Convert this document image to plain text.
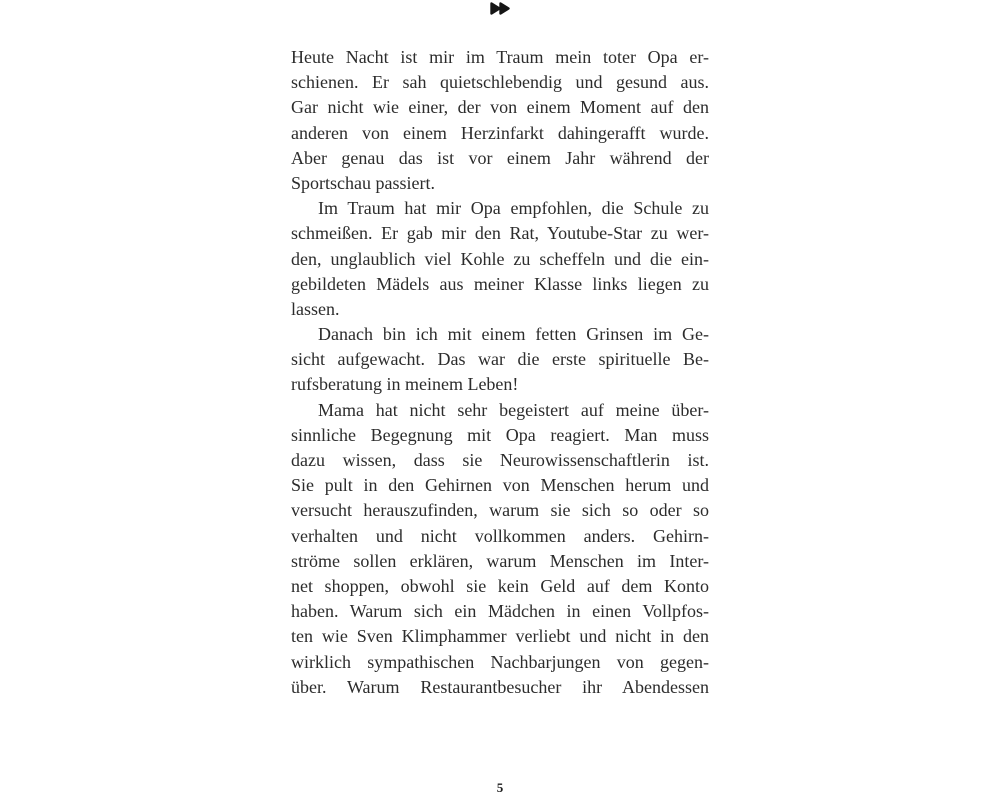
Heute Nacht ist mir im Traum mein toter Opa er-
schienen. Er sah quietschlebendig und gesund aus.
Gar nicht wie einer, der von einem Moment auf den
anderen von einem Herzinfarkt dahingerafft wurde.
Aber genau das ist vor einem Jahr während der
Sportschau passiert.
Im Traum hat mir Opa empfohlen, die Schule zu
schmeißen. Er gab mir den Rat, Youtube-Star zu wer-
den, unglaublich viel Kohle zu scheffeln und die ein-
gebildeten Mädels aus meiner Klasse links liegen zu
lassen.
Danach bin ich mit einem fetten Grinsen im Ge-
sicht aufgewacht. Das war die erste spirituelle Be-
rufsberatung in meinem Leben!
Mama hat nicht sehr begeistert auf meine über-
sinnliche Begegnung mit Opa reagiert. Man muss
dazu wissen, dass sie Neurowissenschaftlerin ist.
Sie pult in den Gehirnen von Menschen herum und
versucht herauszufinden, warum sie sich so oder so
verhalten und nicht vollkommen anders. Gehirn-
ströme sollen erklären, warum Menschen im Inter-
net shoppen, obwohl sie kein Geld auf dem Konto
haben. Warum sich ein Mädchen in einen Vollpfos-
ten wie Sven Klimphammer verliebt und nicht in den
wirklich sympathischen Nachbarjungen von gegen-
über. Warum Restaurantbesucher ihr Abendessen
5
